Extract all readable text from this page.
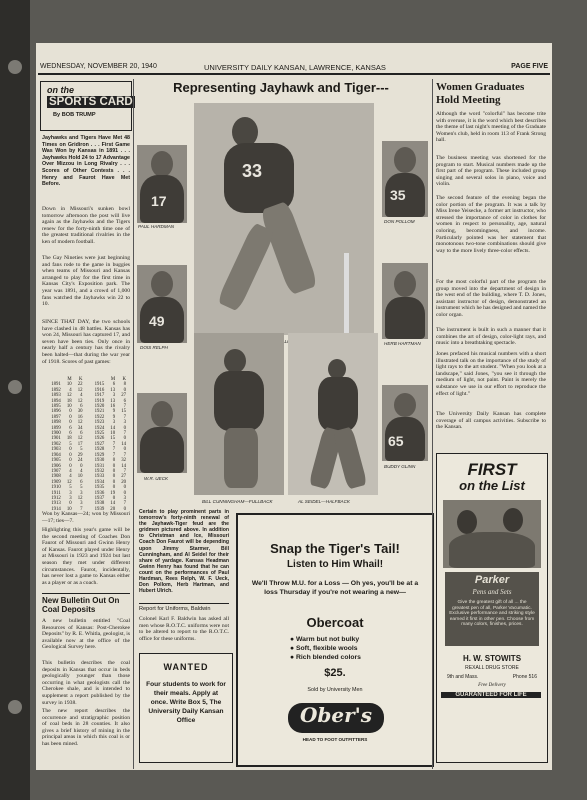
WEDNESDAY, NOVEMBER 20, 1940	UNIVERSITY DAILY KANSAN, LAWRENCE, KANSAS	PAGE FIVE
on the
SPORTS CARD
By BOB TRUMP
Jayhawks and Tigers Have Met 48 Times on Gridiron . . . First Game Was Won by Kansas in 1891 . . . Jayhawks Hold 24 to 17 Advantage Over Mizzou in Long Rivalry . . . Scores of Other Contests . . . Henry and Faurot Have Met Before.
Down in Missouri's sunken bowl tomorrow afternoon the post will live again as the Jayhawks and the Tigers renew for the forty-ninth time one of the greatest traditional rivalries in the ken of modern football.
The Gay Nineties were just beginning and fans rode to the game in buggies when teams of Missouri and Kansas arranged to play for the first time in Kansas City's Exposition park. The year was 1891, and a crowd of 1,000 fans watched the Jayhawks win 22 to 10.
SINCE THAT DAY, the two schools have clashed in 48 battles. Kansas has won 24, Missouri has captured 17, and seven have been ties. Only once in nearly half a century has the rivalry been halted—that during the war year of 1918. Scores of past games:
	M	K		M	K
1891	10	22	1915	6	8
1892	4	12	1916	13	0
1893	12	4	1917	3	27
1894	18	12	1919	13	6
1895	10	6	1920	16	7
1896	0	30	1921	9	15
1897	0	16	1922	9	7
1898	0	12	1923	3	3
1899	6	34	1924	14	0
1900	6	6	1925	10	7
1901	18	12	1926	15	0
1902	5	17	1927	7	14
1903	0	5	1928	7	0
1904	0	29	1929	7	7
1905	0	24	1930	0	32
1906	0	0	1931	0	14
1907	4	4	1932	0	7
1908	4	10	1933	0	27
1909	12	6	1934	0	20
1910	5	5	1935	0	0
1911	3	3	1936	19	0
1912	3	12	1937	0	3
1913	0	3	1938	14	7
1914	10	7	1939	20	0
Won by Kansas—24; won by Missouri—17; ties—7.
Highlighting this year's game will be the second meeting of Coaches Don Faurot of Missouri and Gwinn Henry of Kansas. Faurot played under Henry at Missouri in 1923 and 1924 but last season they met under different circumstances. Faurot, incidentally, has never lost a game to Kansas either as a player or as a coach.
New Bulletin Out On Coal Deposits
A new bulletin entitled "Coal Resources of Kansas: Post-Cherokee Deposits" by R. E. Whitla, geologist, is available now at the office of the Geological Survey here.
This bulletin describes the coal deposits in Kansas that occur in beds geologically younger than those occurring in what geologists call the Cherokee shale, and is intended to supplement a report published by the survey in 1938.
The new report describes the occurrence and stratigraphic position of coal beds in 28 counties. It also gives a brief history of mining in the principal areas in which this coal is or has been mined.
Representing Jayhawk and Tiger---
17
PAUL HARDMAN
33
35
DON POLLOM
49
DOIS RELPH
HERB HARTMAN
W.R. UECK
BILL CUNNINGHAM—FULLBACK	AL SEIDEL—HALFBACK
65
BUDDY GLINN
Certain to play prominent parts in tomorrow's forty-ninth renewal of the Jayhawk-Tiger feud are the gridmen pictured above. In addition to Christman and Ice, Missouri Coach Don Faurot will be depending upon Jimmy Starmer, Bill Cunningham, and Al Seidel for their share of yardage. Kansas Headman Gwinn Henry has found that he can count on the performances of Paul Hardman, Rees Relph, W. F. Ueck, Don Pollom, Herb Hartman, and Hubert Ulrich.
Report for Uniforms, Baldwin
Colonel Karl F. Baldwin has asked all men whose R.O.T.C. uniforms were not to be altered to report to the R.O.T.C. office for these uniforms.
WANTED
Four students to work for their meals. Apply at once. Write Box 5, The University Daily Kansan Office
Snap the Tiger's Tail!
Listen to Him Whail!
We'll Throw M.U. for a Loss — Oh yes, you'll be at a loss Thursday if you're not wearing a new—
Obercoat
● Warm but not bulky
● Soft, flexible wools
● Rich blended colors
$25.
Sold by University Men
Ober's
HEAD TO FOOT OUTFITTERS
Women Graduates Hold Meeting
Although the word "colorful" has become trite with overuse, it is the word which best describes the theme of last night's meeting of the Graduate Women's club, held in room 113 of Frank Strong hall.
The business meeting was shortened for the program to start. Musical numbers made up the first part of the program. These included group singing and several solos in piano, voice and violin.
The second feature of the evening began the color portion of the program. It was a talk by Miss Irene Yeisecke, a former art instructor, who stressed the importance of color in clothes for women in respect to personality, age, natural coloring, becomingness, and income. Particularly pointed was her statement that monotonous two-tone combinations should give way to the more lively three-color effects.
For the most colorful part of the program the group moved into the department of design in the west end of the building, where T. D. Jones, assistant instructor of design, demonstrated an instrument which he has designed and named the color organ.
The instrument is built in such a manner that it combines the art of design, color-light rays, and music into a breathtaking spectacle.
Jones prefaced his musical numbers with a short illustrated talk on the importance of the study of light rays to the art student. "When you look at a landscape," said Jones, "you see it through the medium of light, not paint. Paint is merely the substance we use in our effort to reproduce the effect of light."
The University Daily Kansan has complete coverage of all campus activities. Subscribe to the Kansan.
FIRST
on the List
Parker
Pens and Sets
Give the greatest gift of all ... the greatest pen of all, Parker Vacumatic. Exclusive performance and striking style earned it first in other pen. Choose from many colors, finishes, prices.
H. W. STOWITS
REXALL DRUG STORE
9th and Mass.	Phone 516
Free Delivery
GUARANTEED FOR LIFE
